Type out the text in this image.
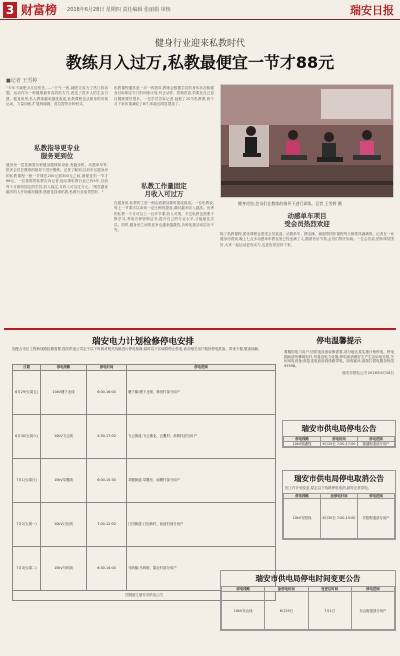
3 财富榜 2018年6月28日 星期四 责任编辑 张丽娟 审核	瑞安日报
健身行业迎来私教时代
教练月入过万,私教最便宜一节才88元
■记者 王雪婷
"今年不减肥,5月徒伤悲……"天气一热,减肥又成为了热门的话题。运动作为一种健康最有成效的方式,改变了很多人的生活习惯。健身房里,私人教练越来越受欢迎,私教课程也从简单的有氧运动、力量训练,扩展到瑜伽、普拉提等多种形式。
私教指导更专业
服务更到位
健身房一层挂满着各种健身器械和设备,有跑步机、动感单车等,很多会员在教练的指导下进行锻炼。记者了解到,目前市区健身房的私教课程一般一节课在200元到300元之间,最便宜的一节才88元。一位姓陈的私教告诉记者,他从事私教行业已有5年,目前每个月都有固定的学员,收入稳定,月收入可以过万元。"现在越来越多的人开始重视健康,愿意花钱请私教,私教行业前景很好。"
私教课程通常是一对一的指导,教练会根据学员的身体状况和健身目标制定专门的训练计划,纠正动作、控制饮食,效果比自己盲目锻炼要好很多。一位学员告诉记者,她报了20节私教课,两个月下来体重减轻了8斤,体能也明显提高了。
私教工作量固定
月收入可过万
在健身房,私教的工资一般由底薪加课时提成组成。一位私教说,每上一节课可以拿到一定比例的提成,课时越多收入越高。优秀的私教一个月可以上一百多节课,收入可观。不过私教也需要不断学习,考取各种资格证书,提升自己的专业水平,才能留住学员。同时,健身房之间的竞争也越来越激烈,各种优惠活动层出不穷。
健身房里,会员们在教练的指导下进行训练。记者 王雪婷 摄
动感单车项目
受会员热烈欢迎
除了私教课程,团体课程也很受会员欢迎。动感单车、搏击操、瑜伽等团体课程每天都排得满满的。记者在一家健身房看到,晚上七点多动感单车教室里已经坐满了人,随着音乐节奏,会员们挥汗如雨。一位会员说,团体课氛围好,大家一起运动更有动力,也更容易坚持下来。
瑞安电力计划检修停电安排
因配合市区工程和线路检修需要,瑞安供电公司定于以下时间对相关线路进行停电检修,届时以下区域将停止供电,请各相关用户做好停电准备。带来不便,敬请谅解。
日期	停电线路	停电时间	停电范围
6月29日(周五)	10kV塘下北线	6:00-16:00	塘下镇:塘下北街、韩田村部分用户
6月30日(周六)	10kV飞云线	5:30-17:00	飞云街道:飞云镇北、五鹰村、孙桥村部分用户
7月1日(周日)	10kV莘塍线	6:00-15:30	莘塍街道:莘塍东、南塘村部分用户
7月2日(周一)	10kV汀田线	7:00-12:00	汀田街道:汀田新村、前池村部分用户
7月3日(周二)	10kV马屿线	6:30-14:00	马屿镇:马屿街、篁社村部分用户
国网浙江瑞安市供电公司			
停电温馨提示
尊敬的电力用户:因供电设备检修需要,部分地区将实施计划停电。停电期间请勿攀爬电杆,勿靠近电力设施;停电前请做好生产生活用电安排,关闭用电设备;恢复送电前视同线路带电。如有疑问,请拨打供电服务热线95598。
瑞安市供电公司 2018年6月28日
瑞安市供电局停电公告
停电线路	停电时间	停电范围
10kV锦湖线	6月29日 7:00-17:00	锦湖街道部分用户
瑞安市供电局停电取消公告
因工作计划变更,原定以下线路停电取消,届时正常供电。
停电线路	原停电时间	停电范围
10kV安阳线	6月30日 7:00-15:00	安阳街道部分用户
瑞安市供电局停电时间变更公告
停电线路	原停电时间	变更后时间	停电范围
10kV东山线	6月29日	7月1日	东山街道部分用户
